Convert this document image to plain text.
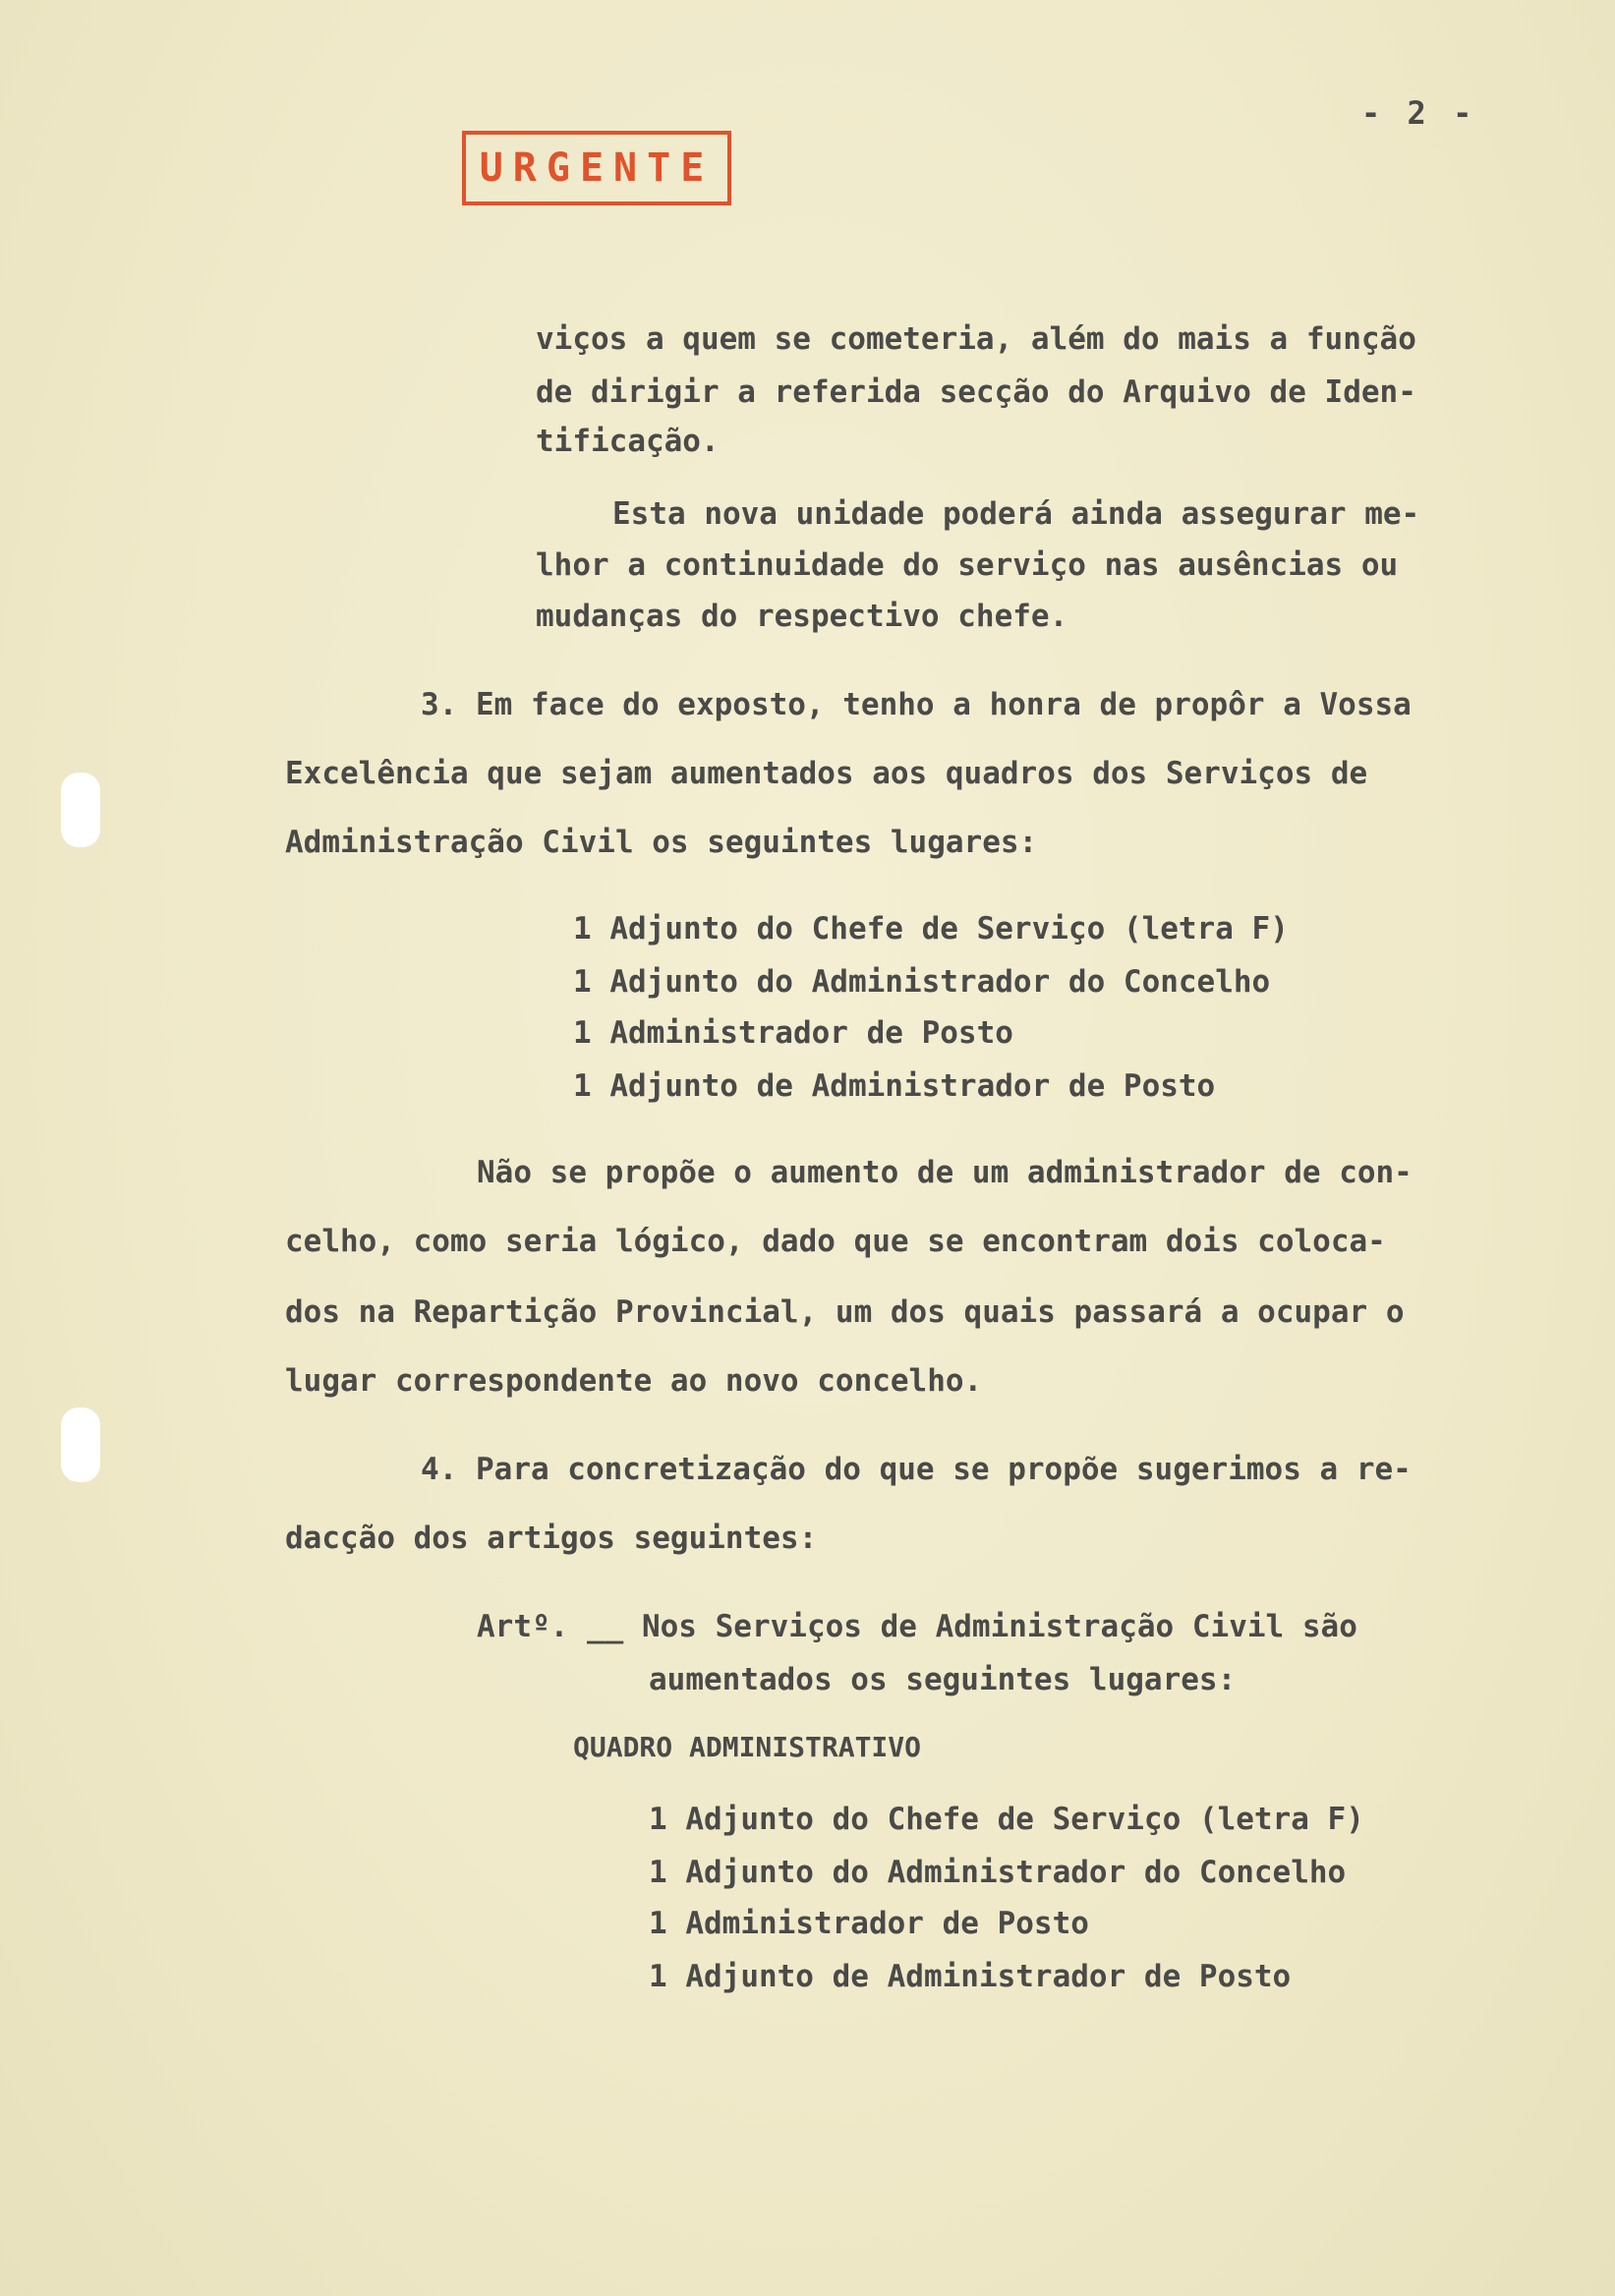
- 2 -
URGENTE
viços a quem se cometeria, além do mais a função
de dirigir a referida secção do Arquivo de Iden-
tificação.
Esta nova unidade poderá ainda assegurar me-
lhor a continuidade do serviço nas ausências ou
mudanças do respectivo chefe.
3. Em face do exposto, tenho a honra de propôr a Vossa
Excelência que sejam aumentados aos quadros dos Serviços de
Administração Civil os seguintes lugares:
1 Adjunto do Chefe de Serviço (letra F)
1 Adjunto do Administrador do Concelho
1 Administrador de Posto
1 Adjunto de Administrador de Posto
Não se propõe o aumento de um administrador de con-
celho, como seria lógico, dado que se encontram dois coloca-
dos na Repartição Provincial, um dos quais passará a ocupar o
lugar correspondente ao novo concelho.
4. Para concretização do que se propõe sugerimos a re-
dacção dos artigos seguintes:
Artº. __ Nos Serviços de Administração Civil são
aumentados os seguintes lugares:
QUADRO ADMINISTRATIVO
1 Adjunto do Chefe de Serviço (letra F)
1 Adjunto do Administrador do Concelho
1 Administrador de Posto
1 Adjunto de Administrador de Posto
